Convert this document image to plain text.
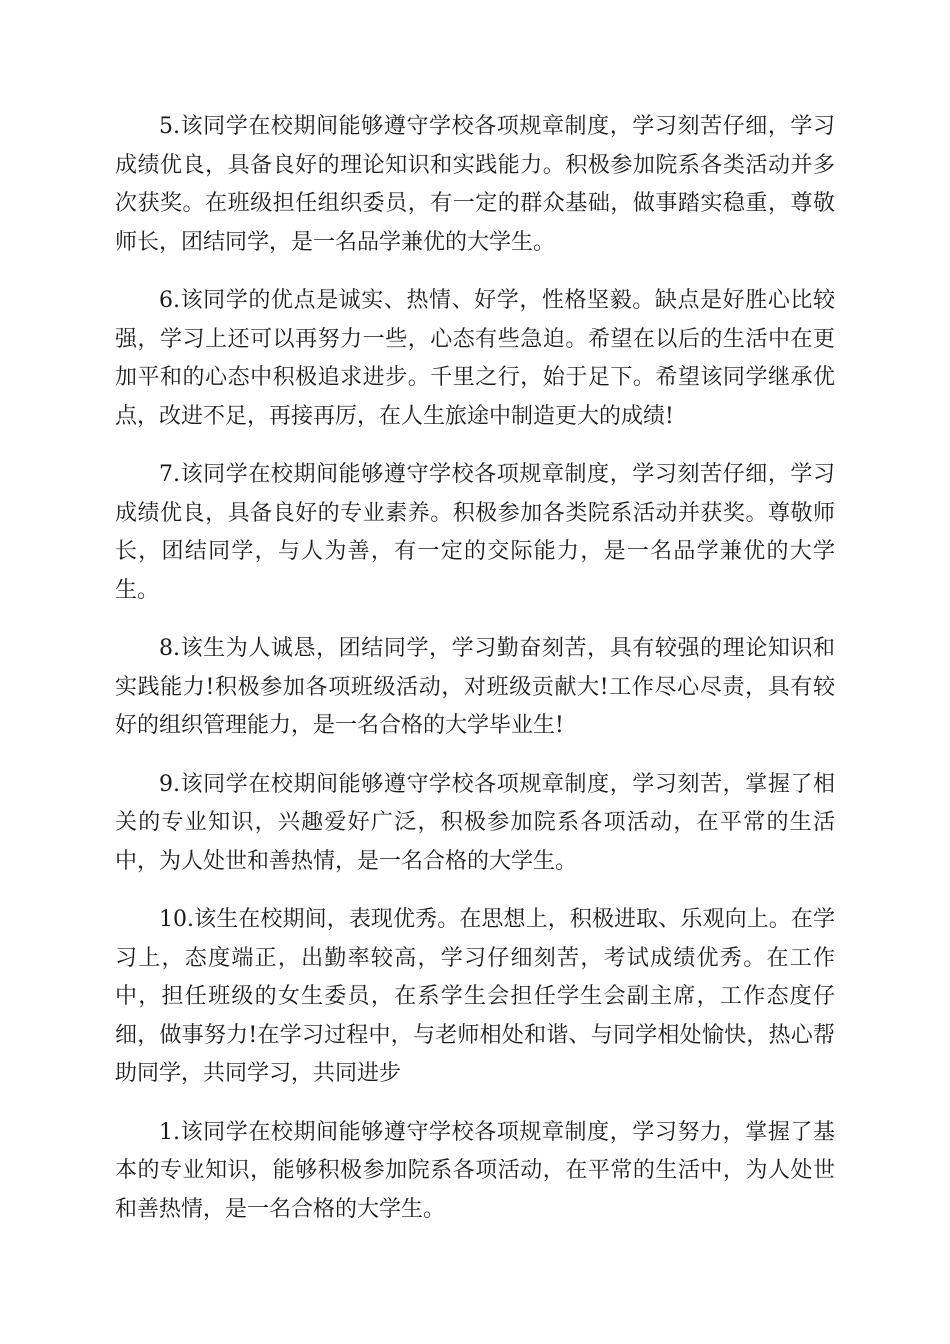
5.该同学在校期间能够遵守学校各项规章制度，学习刻苦仔细，学习成绩优良，具备良好的理论知识和实践能力。积极参加院系各类活动并多次获奖。在班级担任组织委员，有一定的群众基础，做事踏实稳重，尊敬师长，团结同学，是一名品学兼优的大学生。

6.该同学的优点是诚实、热情、好学，性格坚毅。缺点是好胜心比较强，学习上还可以再努力一些，心态有些急迫。希望在以后的生活中在更加平和的心态中积极追求进步。千里之行，始于足下。希望该同学继承优点，改进不足，再接再厉，在人生旅途中制造更大的成绩!

7.该同学在校期间能够遵守学校各项规章制度，学习刻苦仔细，学习成绩优良，具备良好的专业素养。积极参加各类院系活动并获奖。尊敬师长，团结同学，与人为善，有一定的交际能力，是一名品学兼优的大学生。

8.该生为人诚恳，团结同学，学习勤奋刻苦，具有较强的理论知识和实践能力!积极参加各项班级活动，对班级贡献大!工作尽心尽责，具有较好的组织管理能力，是一名合格的大学毕业生!

9.该同学在校期间能够遵守学校各项规章制度，学习刻苦，掌握了相关的专业知识，兴趣爱好广泛，积极参加院系各项活动，在平常的生活中，为人处世和善热情，是一名合格的大学生。

10.该生在校期间，表现优秀。在思想上，积极进取、乐观向上。在学习上，态度端正，出勤率较高，学习仔细刻苦，考试成绩优秀。在工作中，担任班级的女生委员，在系学生会担任学生会副主席，工作态度仔细，做事努力!在学习过程中，与老师相处和谐、与同学相处愉快，热心帮助同学，共同学习，共同进步

1.该同学在校期间能够遵守学校各项规章制度，学习努力，掌握了基本的专业知识，能够积极参加院系各项活动，在平常的生活中，为人处世和善热情，是一名合格的大学生。
